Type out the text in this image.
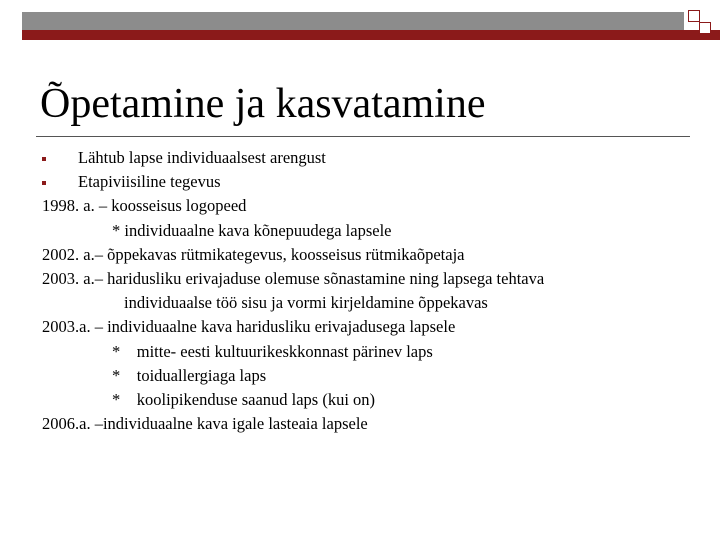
Õpetamine ja kasvatamine
Lähtub lapse individuaalsest arengust
Etapiviisiline tegevus
1998. a. – koosseisus logopeed
* individuaalne kava kõnepuudega lapsele
2002. a.– õppekavas rütmikategevus, koosseisus rütmikaõpetaja
2003. a.– haridusliku erivajaduse olemuse sõnastamine ning lapsega tehtava
individuaalse töö sisu ja vormi kirjeldamine õppekavas
2003.a. – individuaalne kava haridusliku erivajadusega lapsele
*    mitte- eesti kultuurikeskkonnast pärinev laps
*    toiduallergiaga laps
*    koolipikenduse saanud laps (kui on)
2006.a. –individuaalne kava igale lasteaia lapsele
